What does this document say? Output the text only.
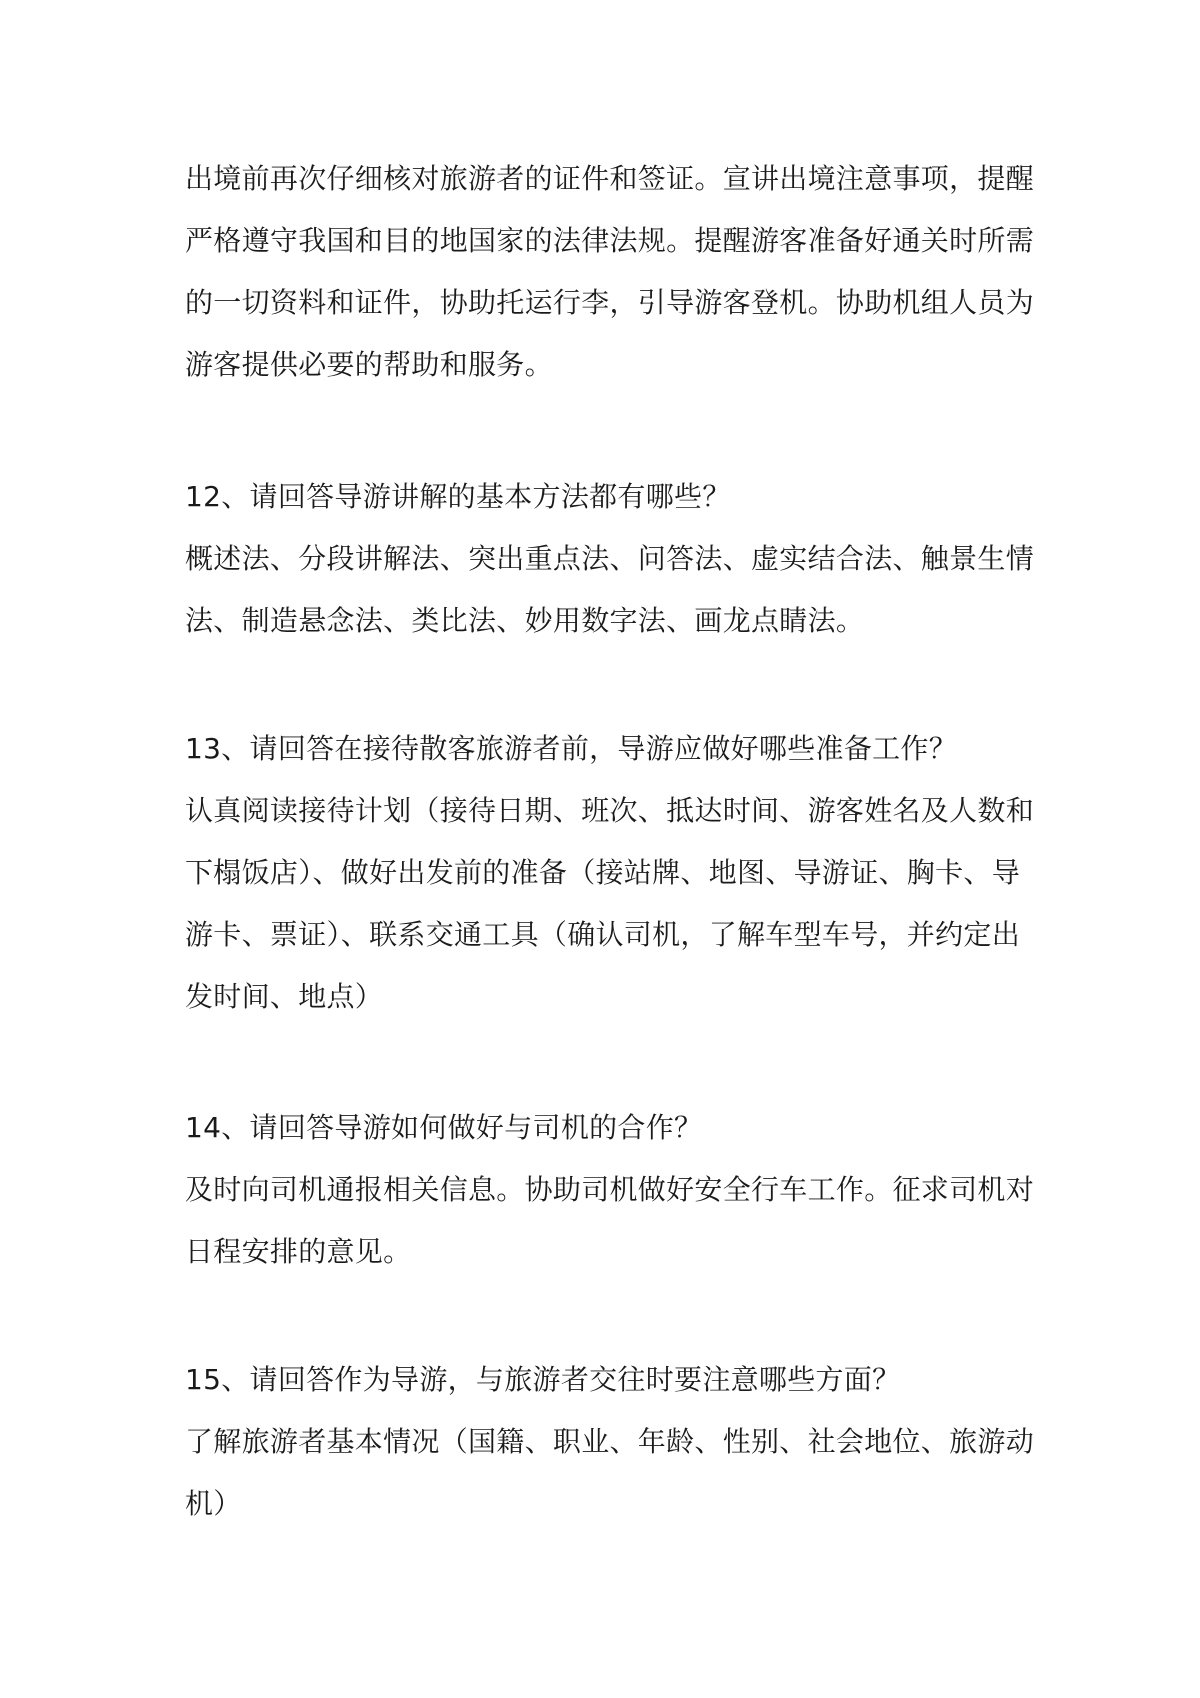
出境前再次仔细核对旅游者的证件和签证。宣讲出境注意事项，提醒
严格遵守我国和目的地国家的法律法规。提醒游客准备好通关时所需
的一切资料和证件，协助托运行李，引导游客登机。协助机组人员为
游客提供必要的帮助和服务。
12、请回答导游讲解的基本方法都有哪些？
概述法、分段讲解法、突出重点法、问答法、虚实结合法、触景生情
法、制造悬念法、类比法、妙用数字法、画龙点睛法。
13、请回答在接待散客旅游者前，导游应做好哪些准备工作？
认真阅读接待计划（接待日期、班次、抵达时间、游客姓名及人数和
下榻饭店）、做好出发前的准备（接站牌、地图、导游证、胸卡、导
游卡、票证）、联系交通工具（确认司机，了解车型车号，并约定出
发时间、地点）
14、请回答导游如何做好与司机的合作？
及时向司机通报相关信息。协助司机做好安全行车工作。征求司机对
日程安排的意见。
15、请回答作为导游，与旅游者交往时要注意哪些方面？
了解旅游者基本情况（国籍、职业、年龄、性别、社会地位、旅游动
机）
